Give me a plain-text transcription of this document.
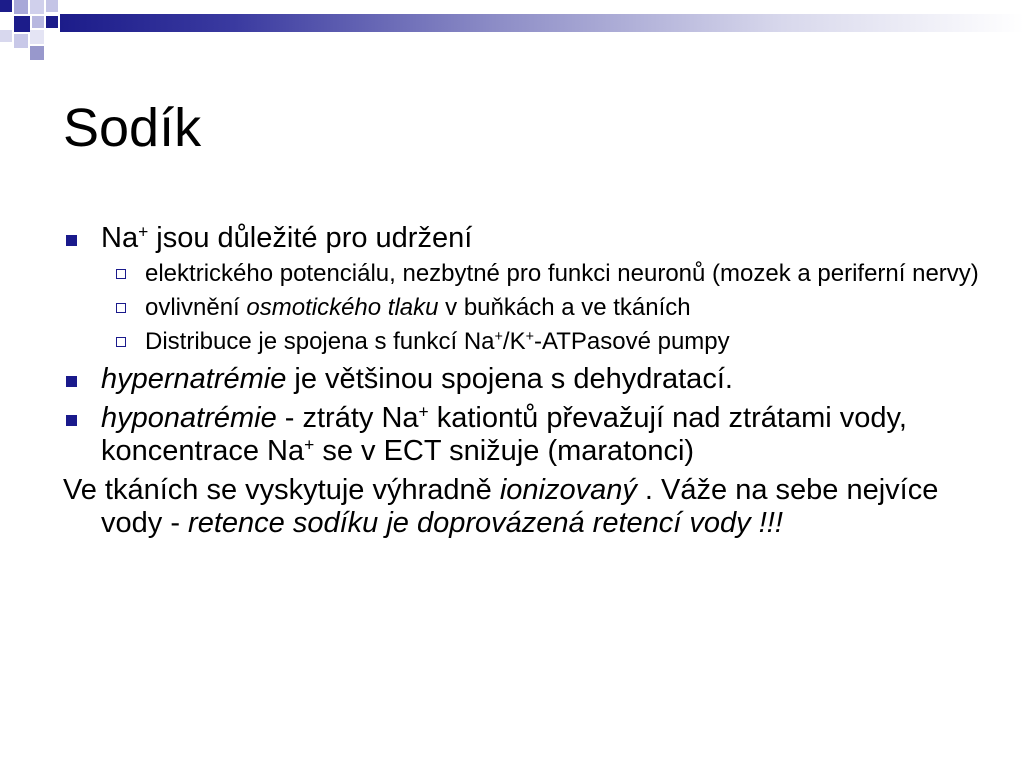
Sodík
Na+ jsou důležité pro udržení
elektrického potenciálu, nezbytné pro funkci neuronů (mozek a periferní nervy)
ovlivnění osmotického tlaku v buňkách a ve tkáních
Distribuce je spojena s funkcí Na+/K+-ATPasové pumpy
hypernatrémie je většinou spojena s dehydratací.
hyponatrémie - ztráty Na+ kationtů převažují nad ztrátami vody, koncentrace Na+ se v ECT snižuje (maratonci)
Ve tkáních se vyskytuje výhradně ionizovaný . Váže na sebe nejvíce vody - retence sodíku je doprovázená retencí vody !!!
